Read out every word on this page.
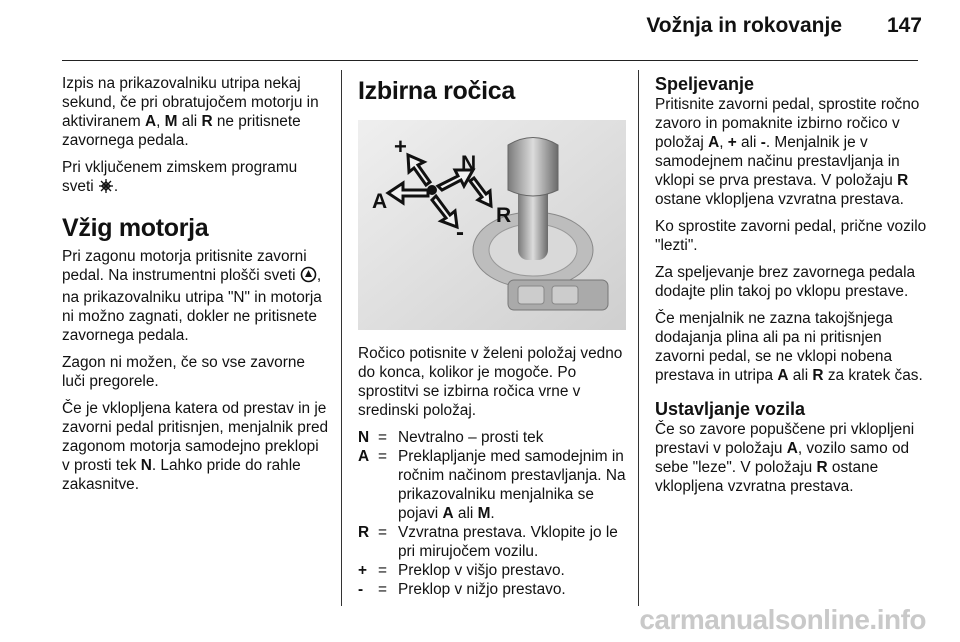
Vožnja in rokovanje 147

Izpis na prikazovalniku utripa nekaj sekund, če pri obratujočem motorju in aktiviranem A, M ali R ne pritisnete zavornega pedala.

Pri vključenem zimskem programu sveti .

Vžig motorja

Pri zagonu motorja pritisnite zavorni pedal. Na instrumentni plošči sveti , na prikazovalniku utripa "N" in motorja ni možno zagnati, dokler ne pritisnete zavornega pedala.

Zagon ni možen, če so vse zavorne luči pregorele.

Če je vklopljena katera od prestav in je zavorni pedal pritisnjen, menjalnik pred zagonom motorja samodejno preklopi v prosti tek N. Lahko pride do rahle zakasnitve.

Izbirna ročica
+
N
A
R
-

Ročico potisnite v želeni položaj vedno do konca, kolikor je mogoče. Po sprostitvi se izbirna ročica vrne v sredinski položaj.

N = Nevtralno – prosti tek
A = Preklapljanje med samodejnim in ročnim načinom prestavljanja. Na prikazovalniku menjalnika se pojavi A ali M.
R = Vzvratna prestava. Vklopite jo le pri mirujočem vozilu.
+ = Preklop v višjo prestavo.
- = Preklop v nižjo prestavo.
Speljevanje

Pritisnite zavorni pedal, sprostite ročno zavoro in pomaknite izbirno ročico v položaj A, + ali -. Menjalnik je v samodejnem načinu prestavljanja in vklopi se prva prestava. V položaju R ostane vklopljena vzvratna prestava.

Ko sprostite zavorni pedal, prične vozilo "lezti".

Za speljevanje brez zavornega pedala dodajte plin takoj po vklopu prestave.

Če menjalnik ne zazna takojšnjega dodajanja plina ali pa ni pritisnjen zavorni pedal, se ne vklopi nobena prestava in utripa A ali R za kratek čas.

Ustavljanje vozila

Če so zavore popuščene pri vklopljeni prestavi v položaju A, vozilo samo od sebe "leze". V položaju R ostane vklopljena vzvratna prestava.

carmanualsonline.info
